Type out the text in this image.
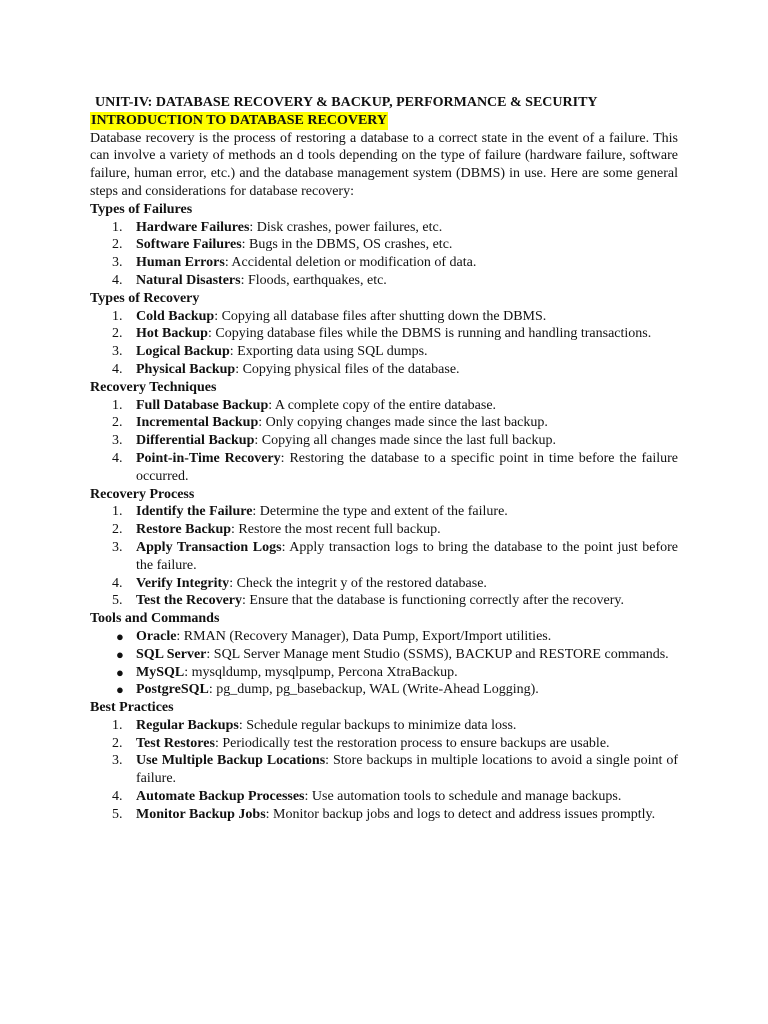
UNIT-IV: DATABASE RECOVERY & BACKUP, PERFORMANCE & SECURITY
INTRODUCTION TO DATABASE RECOVERY
Database recovery is the process of restoring a database to a correct state in the event of a failure. This can involve a variety of methods an d tools depending on the type of failure (hardware failure, software failure, human error, etc.) and the database management system (DBMS) in use. Here are some general steps and considerations for database recovery:
Types of Failures
1. Hardware Failures: Disk crashes, power failures, etc.
2. Software Failures: Bugs in the DBMS, OS crashes, etc.
3. Human Errors: Accidental deletion or modification of data.
4. Natural Disasters: Floods, earthquakes, etc.
Types of Recovery
1. Cold Backup: Copying all database files after shutting down the DBMS.
2. Hot Backup: Copying database files while the DBMS is running and handling transactions.
3. Logical Backup: Exporting data using SQL dumps.
4. Physical Backup: Copying physical files of the database.
Recovery Techniques
1. Full Database Backup: A complete copy of the entire database.
2. Incremental Backup: Only copying changes made since the last backup.
3. Differential Backup: Copying all changes made since the last full backup.
4. Point-in-Time Recovery: Restoring the database to a specific point in time before the failure occurred.
Recovery Process
1. Identify the Failure: Determine the type and extent of the failure.
2. Restore Backup: Restore the most recent full backup.
3. Apply Transaction Logs: Apply transaction logs to bring the database to the point just before the failure.
4. Verify Integrity: Check the integrit y of the restored database.
5. Test the Recovery: Ensure that the database is functioning correctly after the recovery.
Tools and Commands
● Oracle: RMAN (Recovery Manager), Data Pump, Export/Import utilities.
● SQL Server: SQL Server Manage ment Studio (SSMS), BACKUP and RESTORE commands.
● MySQL: mysqldump, mysqlpump, Percona XtraBackup.
● PostgreSQL: pg_dump, pg_basebackup, WAL (Write-Ahead Logging).
Best Practices
1. Regular Backups: Schedule regular backups to minimize data loss.
2. Test Restores: Periodically test the restoration process to ensure backups are usable.
3. Use Multiple Backup Locations: Store backups in multiple locations to avoid a single point of failure.
4. Automate Backup Processes: Use automation tools to schedule and manage backups.
5. Monitor Backup Jobs: Monitor backup jobs and logs to detect and address issues promptly.
